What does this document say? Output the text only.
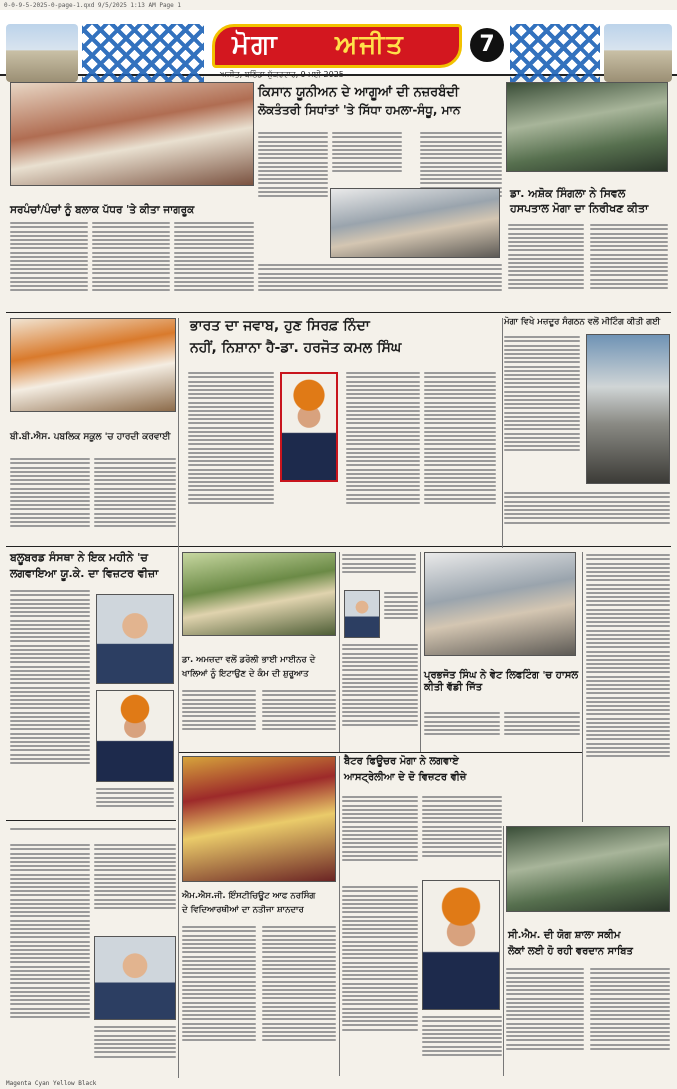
0-0-9-5-2025-0-page-1.qxd 9/5/2025 1:13 AM Page 1
ਮੋਗਾ ਅਜੀਤ	7
ਅਜੀਤ, ਬਠਿੰਡਾ ਸ਼ੁੱਕਰਵਾਰ, 9 ਮਈ 2025
ਕਿਸਾਨ ਯੂਨੀਅਨ ਦੇ ਆਗੂਆਂ ਦੀ ਨਜ਼ਰਬੰਦੀ
ਲੋਕਤੰਤਰੀ ਸਿਧਾਂਤਾਂ 'ਤੇ ਸਿੱਧਾ ਹਮਲਾ-ਸੰਧੂ, ਮਾਨ
ਡਾ. ਅਸ਼ੋਕ ਸਿੰਗਲਾ ਨੇ ਸਿਵਲ
ਹਸਪਤਾਲ ਮੋਗਾ ਦਾ ਨਿਰੀਖਣ ਕੀਤਾ
ਸਰਪੰਚਾਂ/ਪੰਚਾਂ ਨੂੰ ਬਲਾਕ ਪੱਧਰ 'ਤੇ ਕੀਤਾ ਜਾਗਰੂਕ
ਬੀ.ਬੀ.ਐਸ. ਪਬਲਿਕ ਸਕੂਲ 'ਚ ਹਾਰਦੀ ਕਰਵਾਈ
ਭਾਰਤ ਦਾ ਜਵਾਬ, ਹੁਣ ਸਿਰਫ਼ ਨਿੰਦਾ
ਨਹੀਂ, ਨਿਸ਼ਾਨਾ ਹੈ-ਡਾ. ਹਰਜੋਤ ਕਮਲ ਸਿੰਘ
ਮੋਗਾ ਵਿਖੇ ਮਜ਼ਦੂਰ ਸੰਗਠਨ ਵਲੋਂ ਮੀਟਿੰਗ ਕੀਤੀ ਗਈ
ਬਲੂਬਰਡ ਸੰਸਥਾ ਨੇ ਇਕ ਮਹੀਨੇ 'ਚ
ਲਗਵਾਇਆ ਯੂ.ਕੇ. ਦਾ ਵਿਜ਼ਟਰ ਵੀਜ਼ਾ
ਡਾ. ਅਮਜ਼ਦਾ ਵਲੋਂ ਡਰੋਲੀ ਭਾਈ ਮਾਈਨਰ ਦੇ
ਖਾਲਿਆਂ ਨੂੰ ਇਟਾਉਣ ਦੇ ਕੰਮ ਦੀ ਸ਼ੁਰੂਆਤ	ਪ੍ਰਭਜੋਤ ਸਿੰਘ ਨੇ ਵੇਟ ਲਿਫਟਿੰਗ 'ਚ ਹਾਸਲ ਕੀਤੀ ਵੱਡੀ ਜਿੱਤ
ਐਮ.ਐਸ.ਜੀ. ਇੰਸਟੀਚਿਊਟ ਆਫ ਨਰਸਿੰਗ
ਦੇ ਵਿਦਿਆਰਥੀਆਂ ਦਾ ਨਤੀਜਾ ਸ਼ਾਨਦਾਰ
ਬੈਟਰ ਫਿਊਚਰ ਮੋਗਾ ਨੇ ਲਗਵਾਏ
ਆਸਟ੍ਰੇਲੀਆ ਦੇ ਦੋ ਵਿਜ਼ਟਰ ਵੀਜ਼ੇ
ਸੀ.ਐਮ. ਦੀ ਯੋਗ ਸ਼ਾਲਾ ਸਕੀਮ
ਲੋਕਾਂ ਲਈ ਹੋ ਰਹੀ ਵਰਦਾਨ ਸਾਬਿਤ
Magenta Cyan Yellow Black
